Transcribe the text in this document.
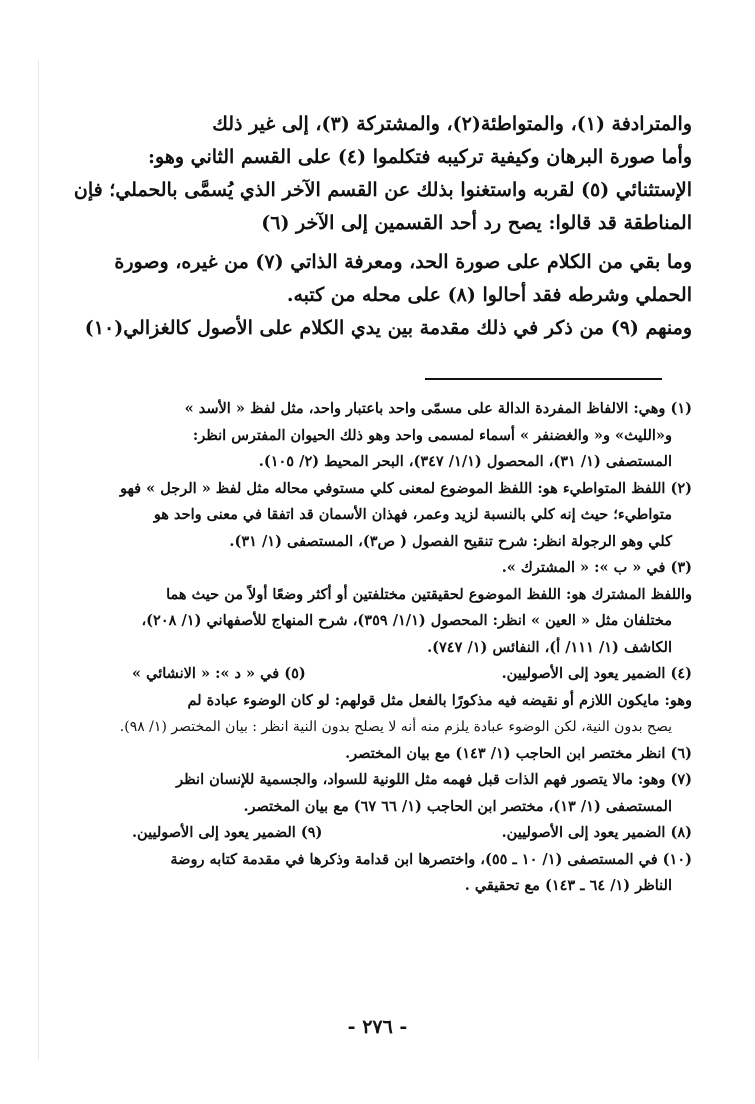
والمترادفة (١)، والمتواطئة(٢)، والمشتركة (٣)، إلى غير ذلك
وأما صورة البرهان وكيفية تركيبه فتكلموا (٤) على القسم الثاني وهو:
الإستثنائي (٥) لقربه واستغنوا بذلك عن القسم الآخر الذي يُسمَّى بالحملي؛ فإن
المناطقة قد قالوا: يصح رد أحد القسمين إلى الآخر (٦)
وما بقي من الكلام على صورة الحد، ومعرفة الذاتي (٧) من غيره، وصورة
الحملي وشرطه فقد أحالوا (٨) على محله من كتبه.
ومنهم (٩) من ذكر في ذلك مقدمة بين يدي الكلام على الأصول كالغزالي(١٠)
(١) وهي: الالفاظ المفردة الدالة على مسمّى واحد باعتبار واحد، مثل لفظ « الأسد »
و«الليث» و« والغضنفر » أسماء لمسمى واحد وهو ذلك الحيوان المفترس انظر:
المستصفى (١/ ٣١)، المحصول (١/١/ ٣٤٧)، البحر المحيط (٢/ ١٠٥).
(٢) اللفظ المتواطيء هو: اللفظ الموضوع لمعنى كلي مستوفي محاله مثل لفظ « الرجل » فهو
متواطيء؛ حيث إنه كلي بالنسبة لزيد وعمر، فهذان الأسمان قد اتفقا في معنى واحد هو
كلي وهو الرجولة انظر: شرح تنقيح الفصول ( ص٣)، المستصفى (١/ ٣١).
(٣) في « ب »: « المشترك ».
واللفظ المشترك هو: اللفظ الموضوع لحقيقتين مختلفتين أو أكثر وضعًا أولاً من حيث هما
مختلفان مثل « العين » انظر: المحصول (١/١/ ٣٥٩)، شرح المنهاج للأصفهاني (١/ ٢٠٨)،
الكاشف (١/ ١١١/ أ)، النفائس (١/ ٧٤٧).
(٤) الضمير يعود إلى الأصوليين.
(٥) في « د »: « الانشائي »
وهو: مايكون اللازم أو نقيضه فيه مذكورًا بالفعل مثل قولهم: لو كان الوضوء عبادة لم
يصح بدون النية، لكن الوضوء عبادة يلزم منه أنه لا يصلح بدون النية انظر : بيان المختصر (١/ ٩٨).
(٦) انظر مختصر ابن الحاجب (١/ ١٤٣) مع بيان المختصر.
(٧) وهو: مالا يتصور فهم الذات قبل فهمه مثل اللونية للسواد، والجسمية للإنسان انظر
المستصفى (١/ ١٣)، مختصر ابن الحاجب (١/ ٦٦ ٦٧) مع بيان المختصر.
(٨) الضمير يعود إلى الأصوليين.
(٩) الضمير يعود إلى الأصوليين.
(١٠) في المستصفى (١/ ١٠ ـ ٥٥)، واختصرها ابن قدامة وذكرها في مقدمة كتابه روضة
الناظر (١/ ٦٤ ـ ١٤٣) مع تحقيقي .
- ٢٧٦ -
